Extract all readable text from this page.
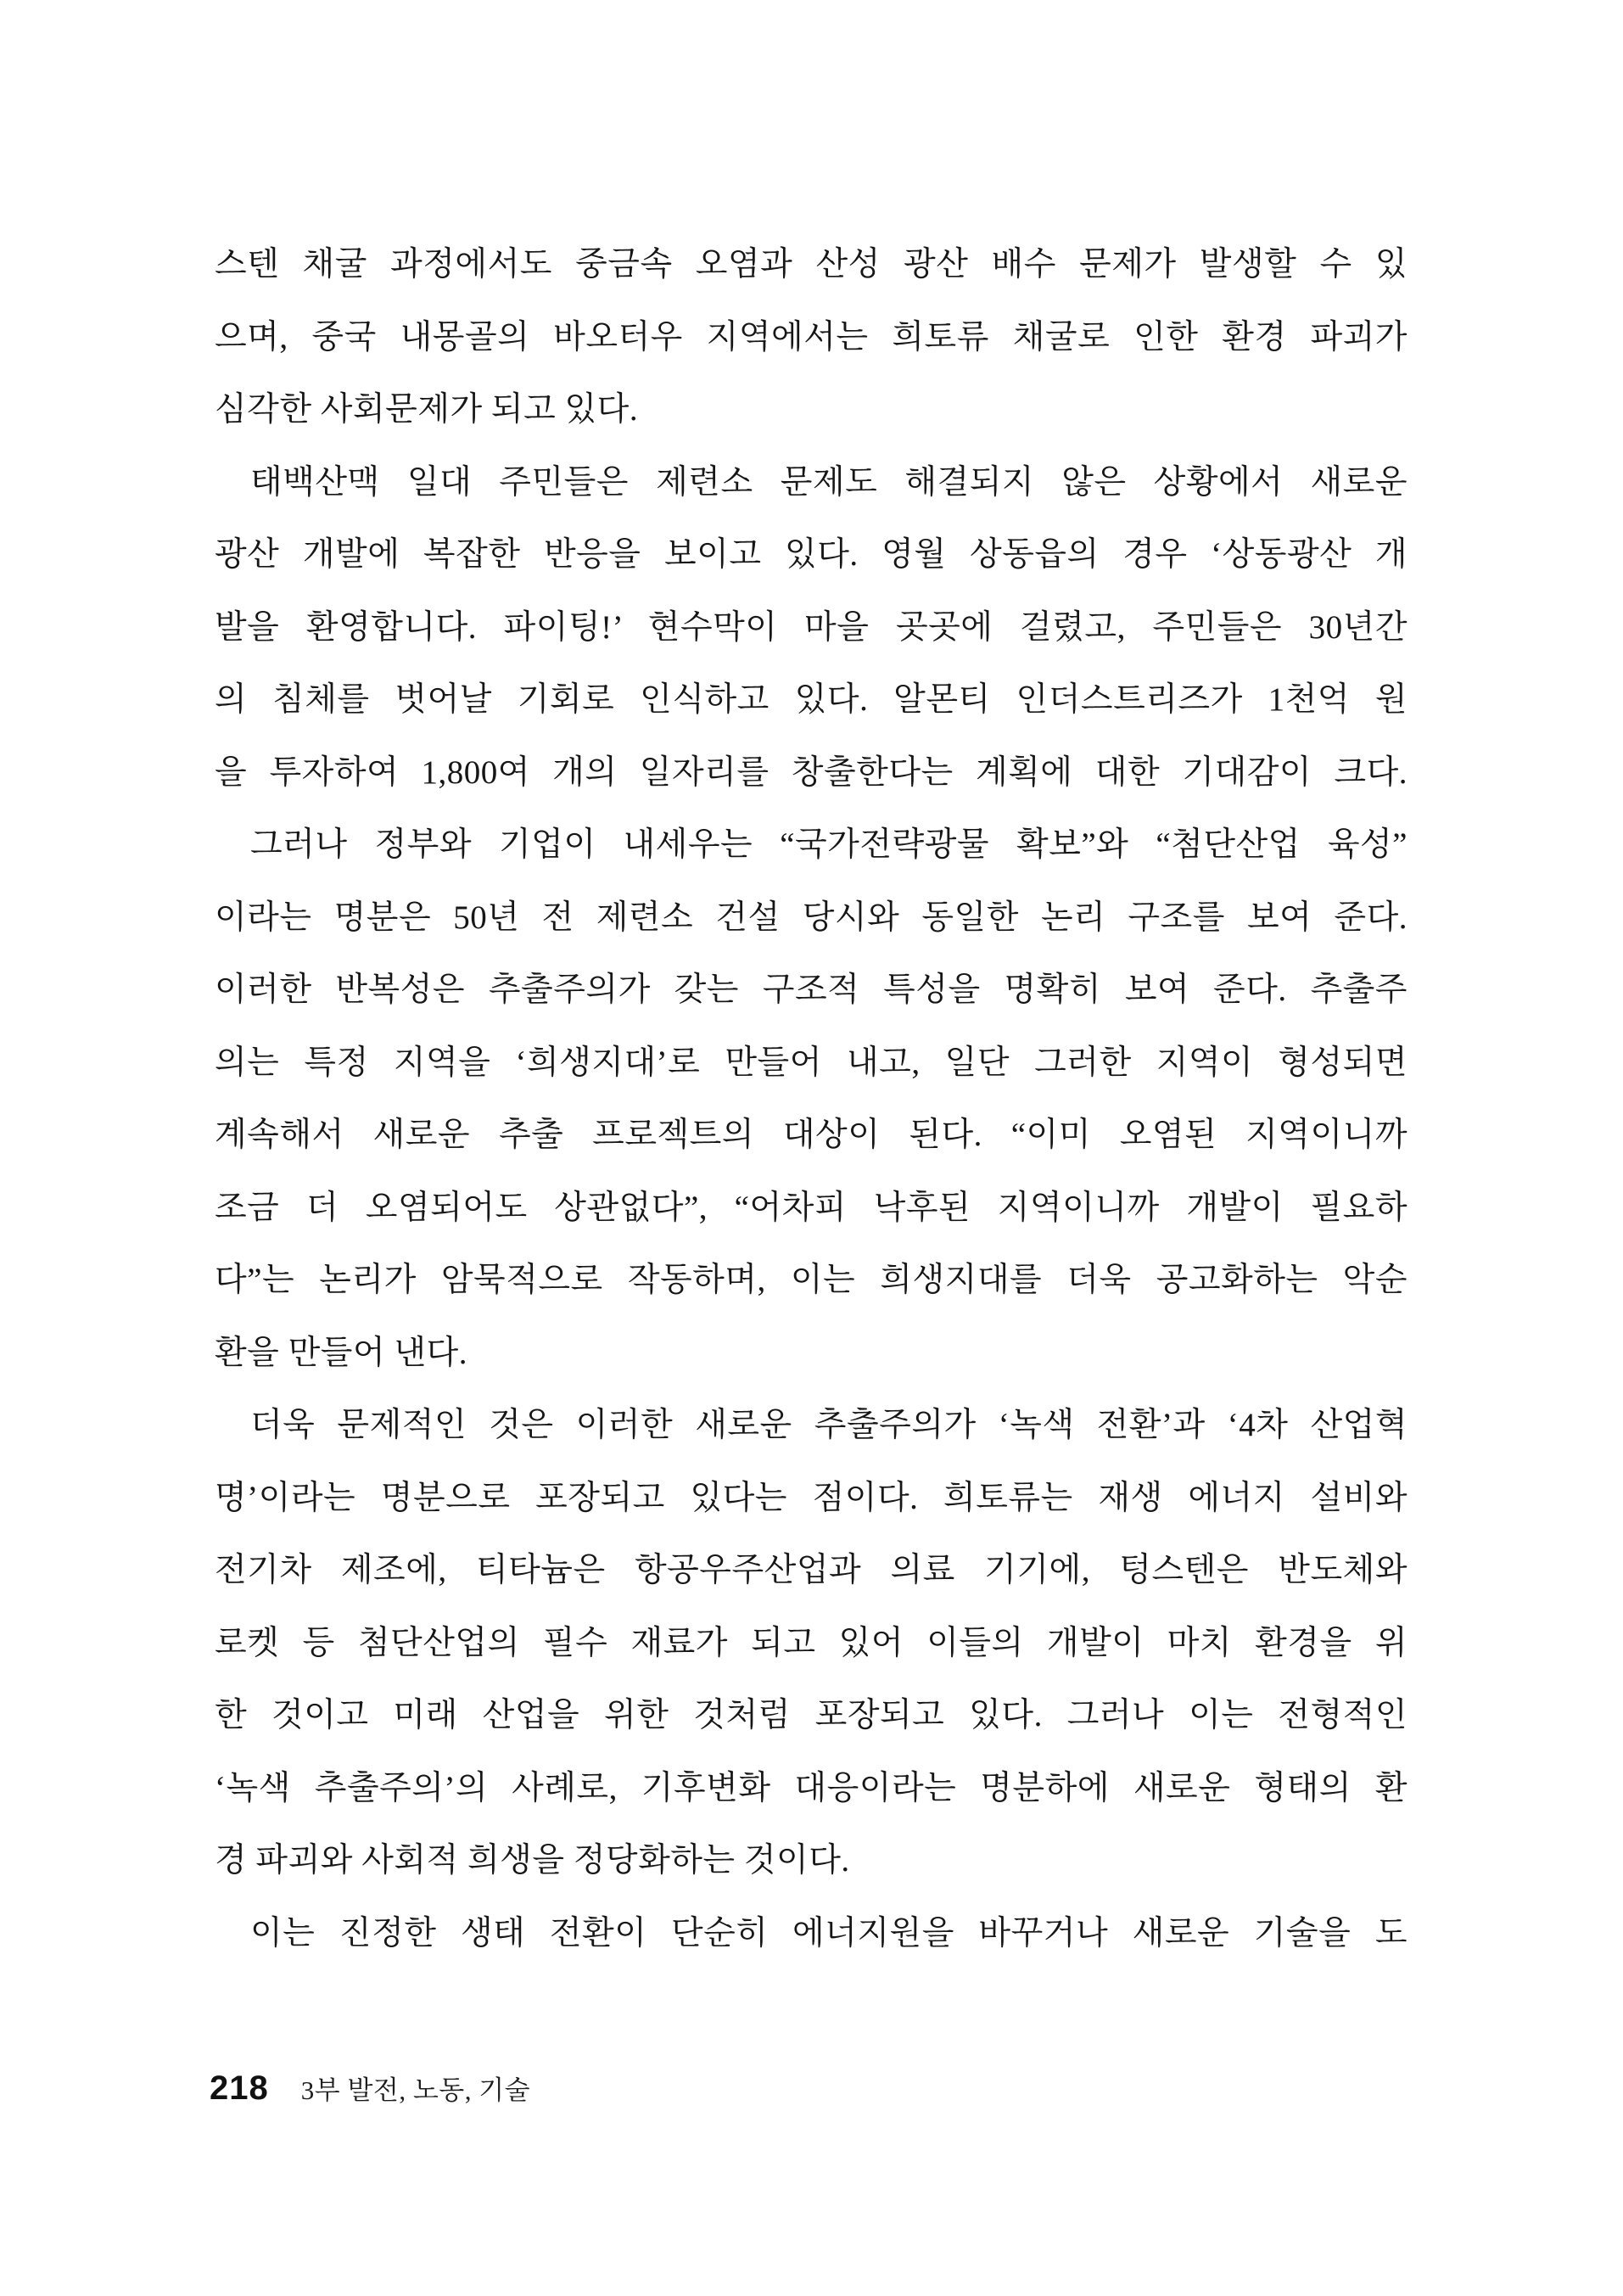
스텐 채굴 과정에서도 중금속 오염과 산성 광산 배수 문제가 발생할 수 있
으며, 중국 내몽골의 바오터우 지역에서는 희토류 채굴로 인한 환경 파괴가
심각한 사회문제가 되고 있다.
태백산맥 일대 주민들은 제련소 문제도 해결되지 않은 상황에서 새로운
광산 개발에 복잡한 반응을 보이고 있다. 영월 상동읍의 경우 ‘상동광산 개
발을 환영합니다. 파이팅!’ 현수막이 마을 곳곳에 걸렸고, 주민들은 30년간
의 침체를 벗어날 기회로 인식하고 있다. 알몬티 인더스트리즈가 1천억 원
을 투자하여 1,800여 개의 일자리를 창출한다는 계획에 대한 기대감이 크다.
그러나 정부와 기업이 내세우는 “국가전략광물 확보”와 “첨단산업 육성”
이라는 명분은 50년 전 제련소 건설 당시와 동일한 논리 구조를 보여 준다.
이러한 반복성은 추출주의가 갖는 구조적 특성을 명확히 보여 준다. 추출주
의는 특정 지역을 ‘희생지대’로 만들어 내고, 일단 그러한 지역이 형성되면
계속해서 새로운 추출 프로젝트의 대상이 된다. “이미 오염된 지역이니까
조금 더 오염되어도 상관없다”, “어차피 낙후된 지역이니까 개발이 필요하
다”는 논리가 암묵적으로 작동하며, 이는 희생지대를 더욱 공고화하는 악순
환을 만들어 낸다.
더욱 문제적인 것은 이러한 새로운 추출주의가 ‘녹색 전환’과 ‘4차 산업혁
명’이라는 명분으로 포장되고 있다는 점이다. 희토류는 재생 에너지 설비와
전기차 제조에, 티타늄은 항공우주산업과 의료 기기에, 텅스텐은 반도체와
로켓 등 첨단산업의 필수 재료가 되고 있어 이들의 개발이 마치 환경을 위
한 것이고 미래 산업을 위한 것처럼 포장되고 있다. 그러나 이는 전형적인
‘녹색 추출주의’의 사례로, 기후변화 대응이라는 명분하에 새로운 형태의 환
경 파괴와 사회적 희생을 정당화하는 것이다.
이는 진정한 생태 전환이 단순히 에너지원을 바꾸거나 새로운 기술을 도
218 3부 발전, 노동, 기술
